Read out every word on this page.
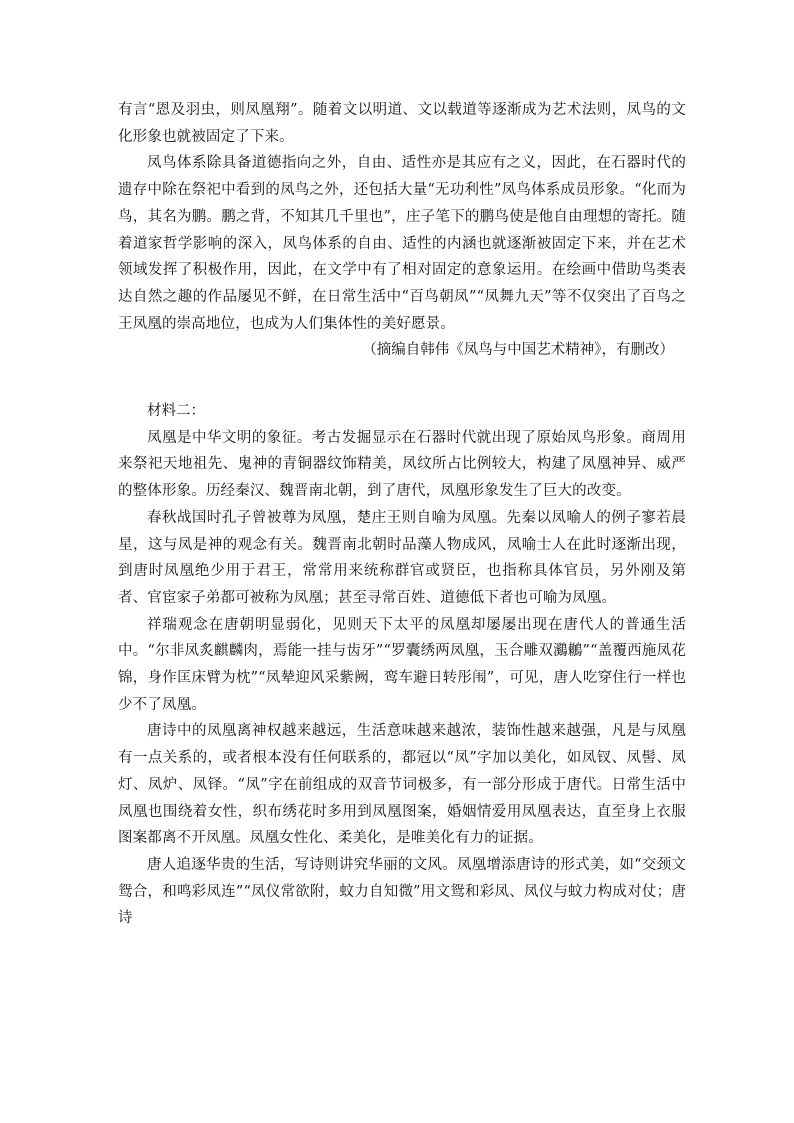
有言“恩及羽虫，则凤凰翔”。随着文以明道、文以载道等逐渐成为艺术法则，凤鸟的文化形象也就被固定了下来。

凤鸟体系除具备道德指向之外，自由、适性亦是其应有之义，因此，在石器时代的遗存中除在祭祀中看到的凤鸟之外，还包括大量“无功利性”凤鸟体系成员形象。“化而为鸟，其名为鹏。鹏之背，不知其几千里也”，庄子笔下的鹏鸟使是他自由理想的寄托。随着道家哲学影响的深入，凤鸟体系的自由、适性的内涵也就逐渐被固定下来，并在艺术领域发挥了积极作用，因此，在文学中有了相对固定的意象运用。在绘画中借助鸟类表达自然之趣的作品屡见不鲜，在日常生活中“百鸟朝凤”“凤舞九天”等不仅突出了百鸟之王凤凰的崇高地位，也成为人们集体性的美好愿景。

（摘编自韩伟《凤鸟与中国艺术精神》，有删改）

材料二：

凤凰是中华文明的象征。考古发掘显示在石器时代就出现了原始凤鸟形象。商周用来祭祀天地祖先、鬼神的青铜器纹饰精美，凤纹所占比例较大，构建了凤凰神异、威严的整体形象。历经秦汉、魏晋南北朝，到了唐代，凤凰形象发生了巨大的改变。

春秋战国时孔子曾被尊为凤凰，楚庄王则自喻为凤凰。先秦以凤喻人的例子寥若晨星，这与凤是神的观念有关。魏晋南北朝时品藻人物成风，凤喻士人在此时逐渐出现，到唐时凤凰绝少用于君王，常常用来统称群官或贤臣，也指称具体官员，另外刚及第者、官宦家子弟都可被称为凤凰；甚至寻常百姓、道德低下者也可喻为凤凰。

祥瑞观念在唐朝明显弱化，见则天下太平的凤凰却屡屡出现在唐代人的普通生活中。“尔非凤炙麒麟肉，焉能一挂与齿牙”“罗囊绣两凤凰，玉合雕双鸂鶒”“盖覆西施凤花锦，身作匡床臂为枕”“凤辇迎风采紫阙，鸾车避日转彤闱”，可见，唐人吃穿住行一样也少不了凤凰。

唐诗中的凤凰离神权越来越远，生活意味越来越浓，装饰性越来越强，凡是与凤凰有一点关系的，或者根本没有任何联系的，都冠以“凤”字加以美化，如凤钗、凤髻、凤灯、凤炉、凤铎。“凤”字在前组成的双音节词极多，有一部分形成于唐代。日常生活中凤凰也围绕着女性，织布绣花时多用到凤凰图案，婚姻情爱用凤凰表达，直至身上衣服图案都离不开凤凰。凤凰女性化、柔美化，是唯美化有力的证据。

唐人追逐华贵的生活，写诗则讲究华丽的文风。凤凰增添唐诗的形式美，如“交颈文鸳合，和鸣彩凤连”“凤仪常欲附，蚊力自知微”用文鸳和彩凤、凤仪与蚊力构成对仗；唐诗
